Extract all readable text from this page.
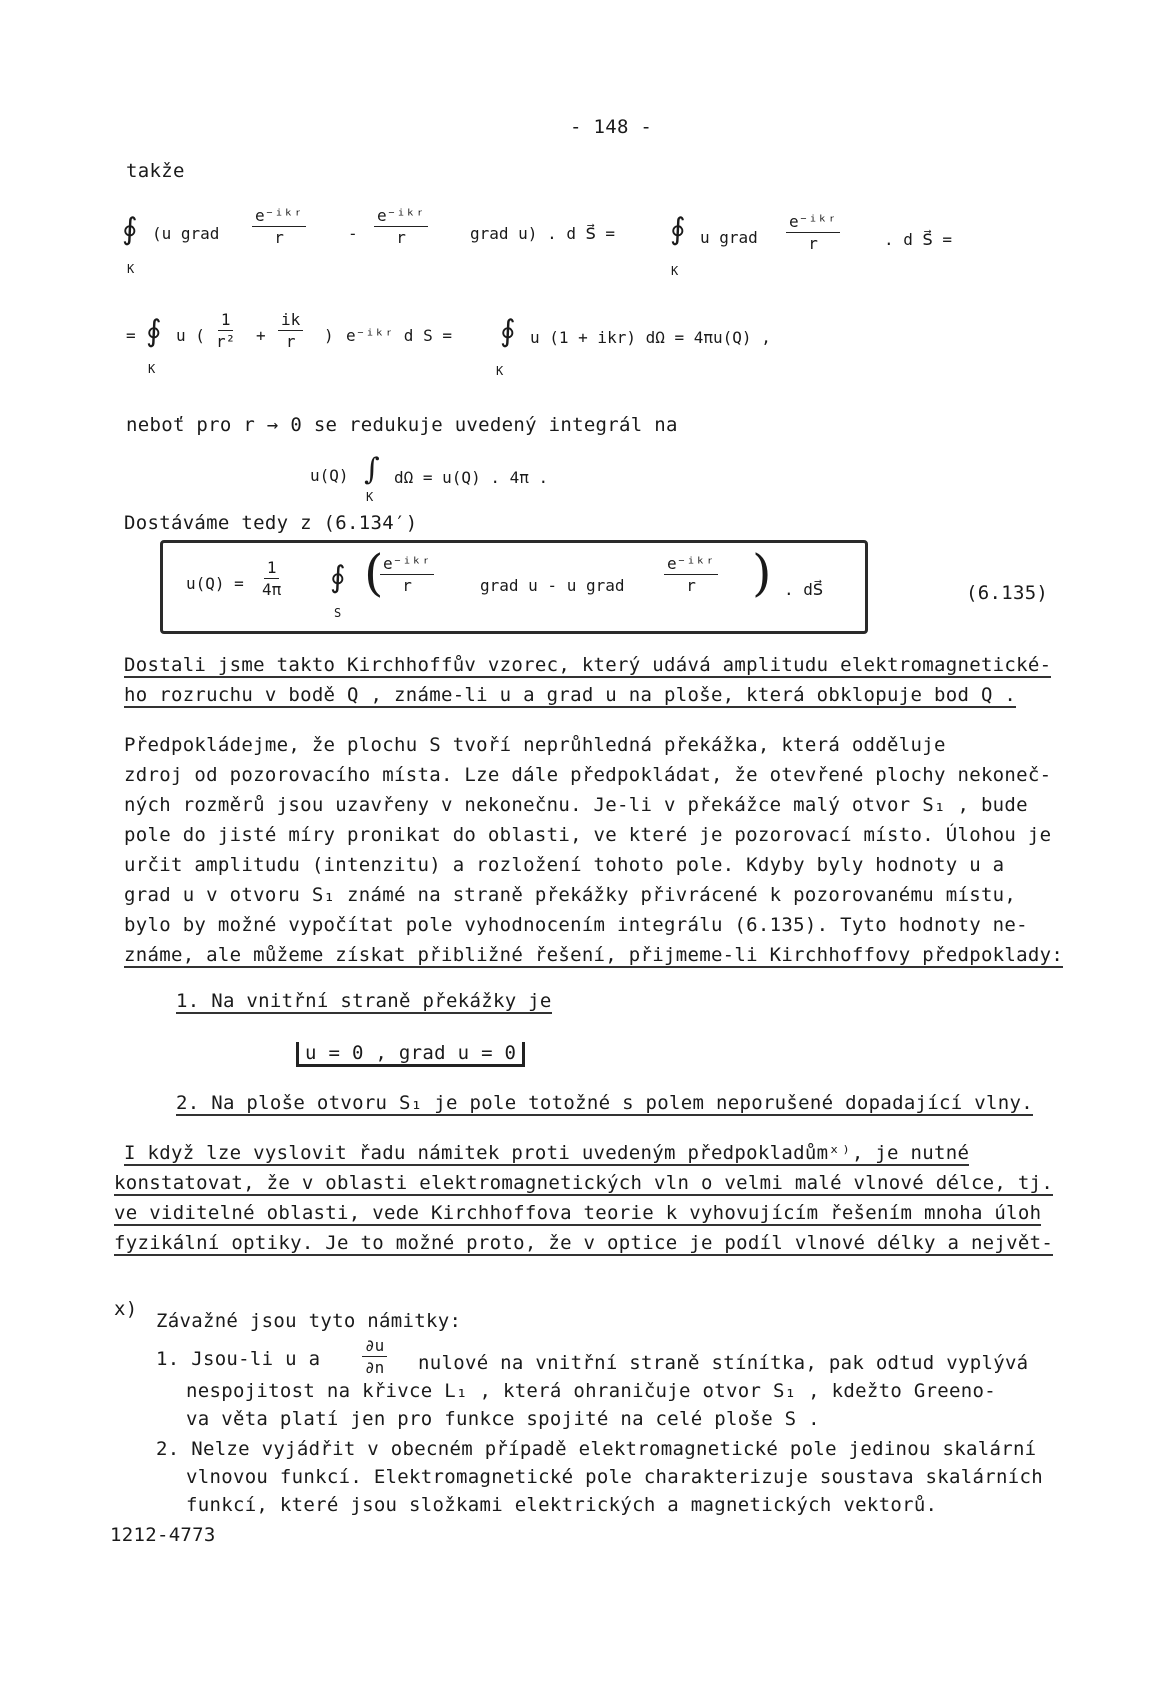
- 148 -
takže
∮
K
(u grad
e⁻ⁱᵏʳ
r	-
e⁻ⁱᵏʳ
r	grad u) . d S⃗ = ∮
K
u grad
e⁻ⁱᵏʳ
r	. d S⃗ =
= ∮
K
u ( $\frac{1}{\text{r²}} + \frac{ik}{r}$ ) e⁻ⁱᵏʳ d S = ∮
K
u (1 + ikr) dΩ = 4πu(Q) ,
neboť pro r → 0 se redukuje uvedený integrál na
u(Q) ∫
K
dΩ = u(Q) . 4π .
Dostáváme tedy z (6.134′)
$u(Q) = \frac{1}{4\pi}$ ∮
S
( e⁻ⁱᵏʳ
r	grad u - u grad
e⁻ⁱᵏʳ
r ) . dS⃗	(6.135)
Dostali jsme takto Kirchhoffův vzorec, který udává amplitudu elektromagnetické-
ho rozruchu v bodě Q , známe-li u a grad u na ploše, která obklopuje bod Q .
Předpokládejme, že plochu S tvoří neprůhledná překážka, která odděluje
zdroj od pozorovacího místa. Lze dále předpokládat, že otevřené plochy nekoneč-
ných rozměrů jsou uzavřeny v nekonečnu. Je-li v překážce malý otvor S₁ , bude
pole do jisté míry pronikat do oblasti, ve které je pozorovací místo. Úlohou je
určit amplitudu (intenzitu) a rozložení tohoto pole. Kdyby byly hodnoty u a
grad u v otvoru S₁ známé na straně překážky přivrácené k pozorovanému místu,
bylo by možné vypočítat pole vyhodnocením integrálu (6.135). Tyto hodnoty ne-
známe, ale můžeme získat přibližné řešení, přijmeme-li Kirchhoffovy předpoklady:
1. Na vnitřní straně překážky je
u = 0 , grad u = 0
2. Na ploše otvoru S₁ je pole totožné s polem neporušené dopadající vlny.
I když lze vyslovit řadu námitek proti uvedeným předpokladůmˣ⁾, je nutné
konstatovat, že v oblasti elektromagnetických vln o velmi malé vlnové délce, tj.
ve viditelné oblasti, vede Kirchhoffova teorie k vyhovujícím řešením mnoha úloh
fyzikální optiky. Je to možné proto, že v optice je podíl vlnové délky a největ-
x)
Závažné jsou tyto námitky:
1. Jsou-li u a	$\frac{\partial u}{\partial n}$ nulové na vnitřní straně stínítka, pak odtud vyplývá
nespojitost na křivce L₁ , která ohraničuje otvor S₁ , kdežto Greeno-
va věta platí jen pro funkce spojité na celé ploše S .
2. Nelze vyjádřit v obecném případě elektromagnetické pole jedinou skalární
vlnovou funkcí. Elektromagnetické pole charakterizuje soustava skalárních
funkcí, které jsou složkami elektrických a magnetických vektorů.
1212-4773
